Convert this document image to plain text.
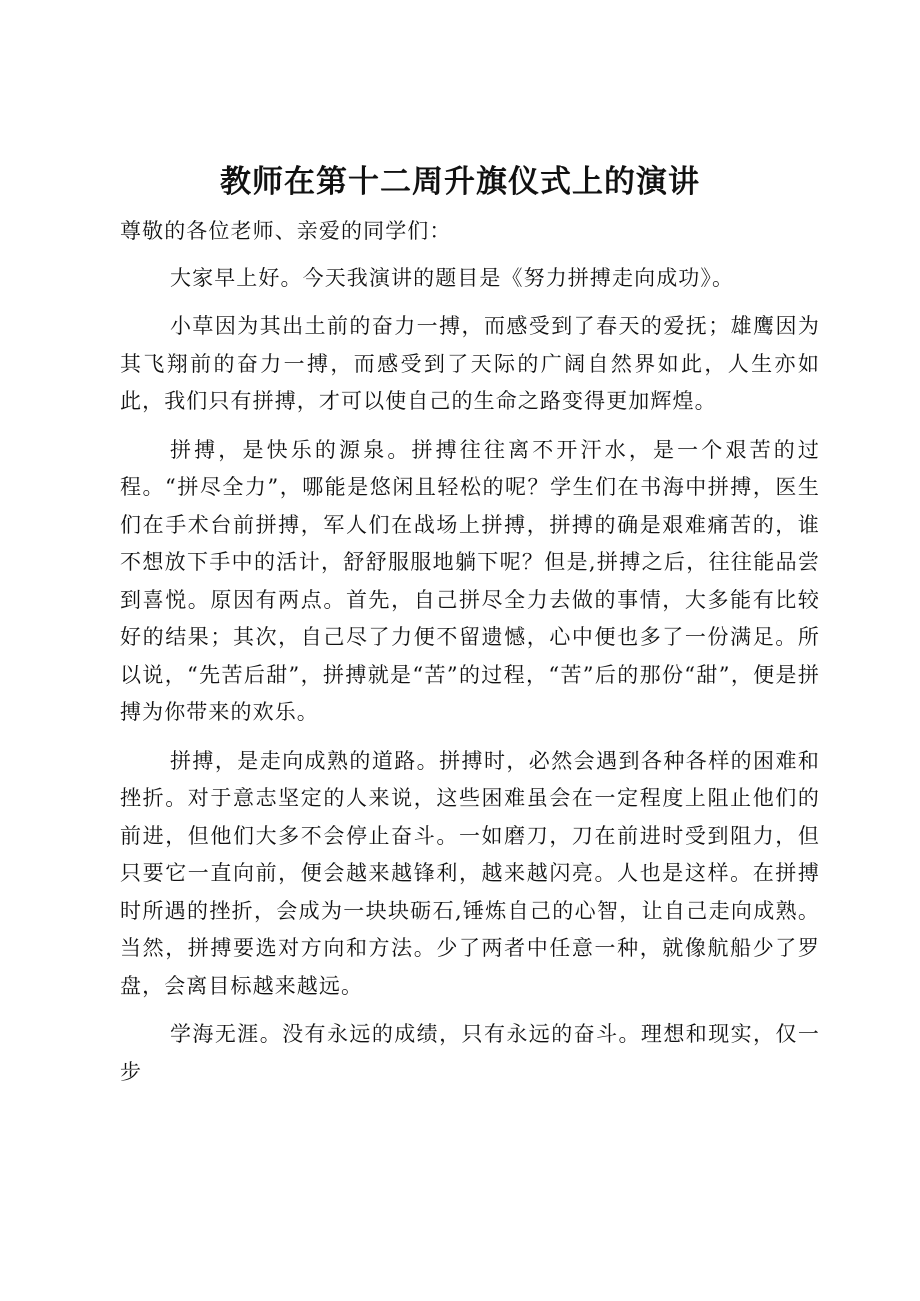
教师在第十二周升旗仪式上的演讲

尊敬的各位老师、亲爱的同学们：

大家早上好。今天我演讲的题目是《努力拼搏走向成功》。

小草因为其出土前的奋力一搏，而感受到了春天的爱抚；雄鹰因为其飞翔前的奋力一搏，而感受到了天际的广阔自然界如此，人生亦如此，我们只有拼搏，才可以使自己的生命之路变得更加辉煌。

拼搏，是快乐的源泉。拼搏往往离不开汗水，是一个艰苦的过程。“拼尽全力”，哪能是悠闲且轻松的呢？学生们在书海中拼搏，医生们在手术台前拼搏，军人们在战场上拼搏，拼搏的确是艰难痛苦的，谁不想放下手中的活计，舒舒服服地躺下呢？但是,拼搏之后，往往能品尝到喜悦。原因有两点。首先，自己拼尽全力去做的事情，大多能有比较好的结果；其次，自己尽了力便不留遗憾，心中便也多了一份满足。所以说，“先苦后甜”，拼搏就是“苦”的过程，“苦”后的那份“甜”，便是拼搏为你带来的欢乐。

拼搏，是走向成熟的道路。拼搏时，必然会遇到各种各样的困难和挫折。对于意志坚定的人来说，这些困难虽会在一定程度上阻止他们的前进，但他们大多不会停止奋斗。一如磨刀，刀在前进时受到阻力，但只要它一直向前，便会越来越锋利，越来越闪亮。人也是这样。在拼搏时所遇的挫折，会成为一块块砺石,锤炼自己的心智，让自己走向成熟。当然，拼搏要选对方向和方法。少了两者中任意一种，就像航船少了罗盘，会离目标越来越远。

学海无涯。没有永远的成绩，只有永远的奋斗。理想和现实，仅一步
